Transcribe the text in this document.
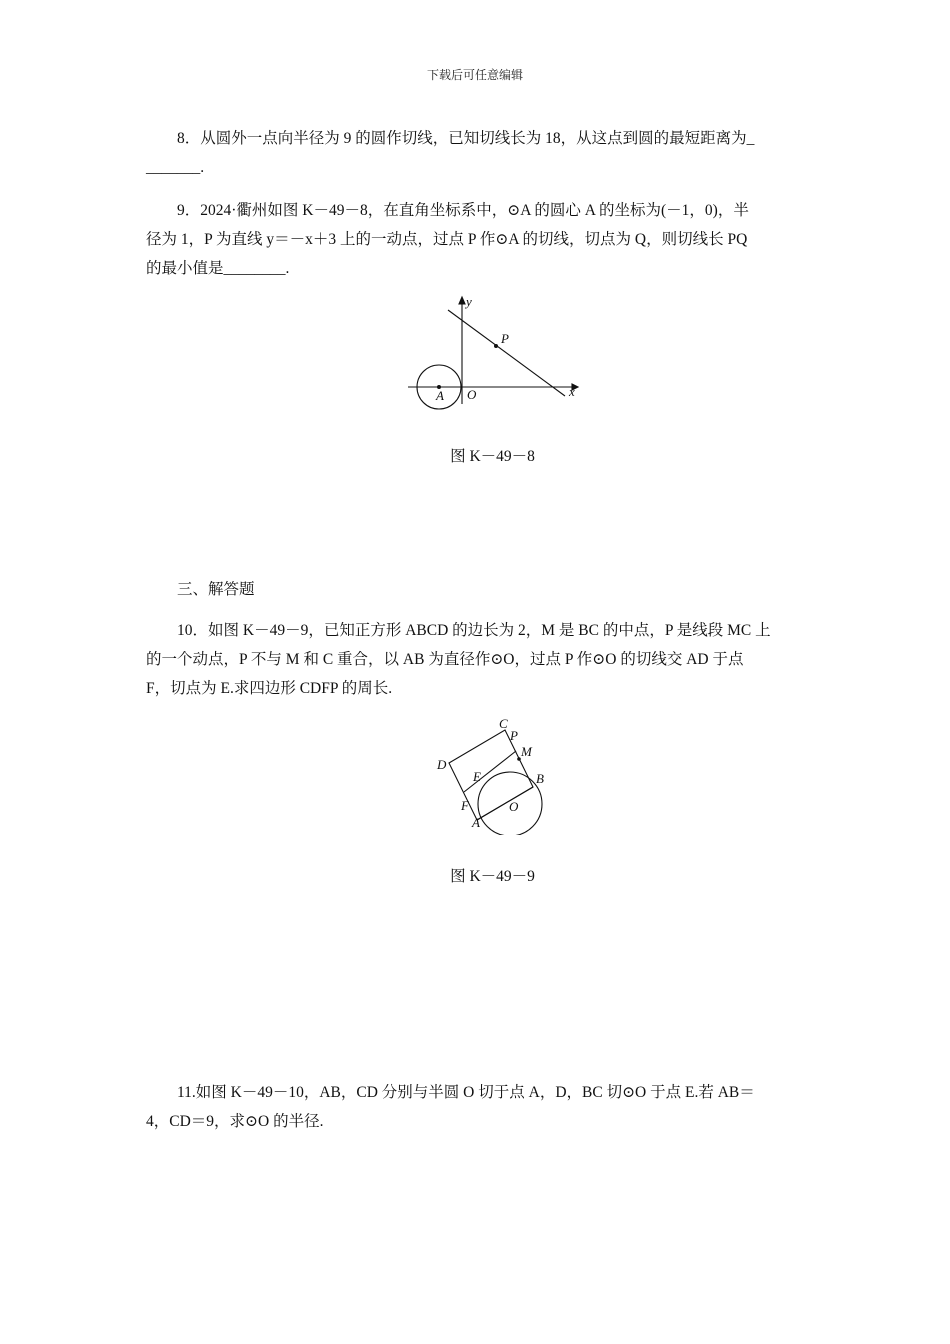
下载后可任意编辑
8．从圆外一点向半径为 9 的圆作切线，已知切线长为 18，从这点到圆的最短距离为_
_______.
9．2024·衢州如图 K－49－8，在直角坐标系中，⊙A 的圆心 A 的坐标为(－1，0)，半
径为 1，P 为直线 y＝－x＋3 上的一动点，过点 P 作⊙A 的切线，切点为 Q，则切线长 PQ
的最小值是________.
y
x
P
A O
图 K－49－8
三、解答题
10．如图 K－49－9，已知正方形 ABCD 的边长为 2，M 是 BC 的中点，P 是线段 MC 上
的一个动点，P 不与 M 和 C 重合，以 AB 为直径作⊙O，过点 P 作⊙O 的切线交 AD 于点
F，切点为 E.求四边形 CDFP 的周长.
C
P
M
D
E	B
F	O
A
图 K－49－9
11.如图 K－49－10，AB，CD 分别与半圆 O 切于点 A，D，BC 切⊙O 于点 E.若 AB＝
4，CD＝9，求⊙O 的半径.
